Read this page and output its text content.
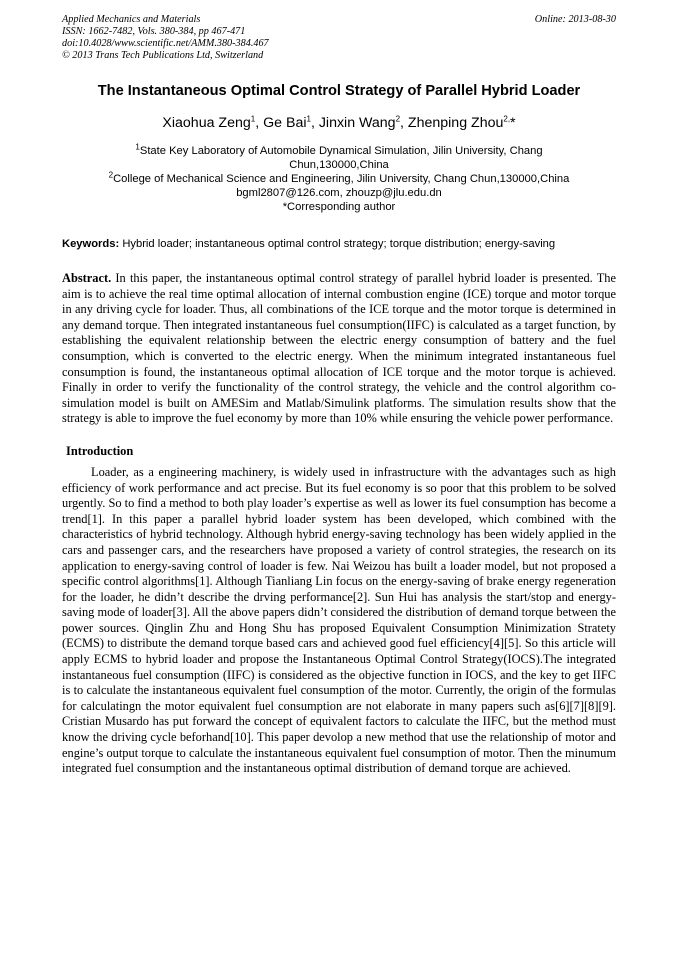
Applied Mechanics and Materials
ISSN: 1662-7482, Vols. 380-384, pp 467-471
doi:10.4028/www.scientific.net/AMM.380-384.467
© 2013 Trans Tech Publications Ltd, Switzerland
Online: 2013-08-30
The Instantaneous Optimal Control Strategy of Parallel Hybrid Loader
Xiaohua Zeng$^1$, Ge Bai$^1$, Jinxin Wang$^2$, Zhenping Zhou$^{2,}$*
$^1$State Key Laboratory of Automobile Dynamical Simulation, Jilin University, Chang Chun,130000,China
$^2$College of Mechanical Science and Engineering, Jilin University, Chang Chun,130000,China
bgml2807@126.com, zhouzp@jlu.edu.dn
*Corresponding author
Keywords: Hybrid loader; instantaneous optimal control strategy; torque distribution; energy-saving
Abstract. In this paper, the instantaneous optimal control strategy of parallel hybrid loader is presented. The aim is to achieve the real time optimal allocation of internal combustion engine (ICE) torque and motor torque in any driving cycle for loader. Thus, all combinations of the ICE torque and the motor torque is determined in any demand torque. Then integrated instantaneous fuel consumption(IIFC) is calculated as a target function, by establishing the equivalent relationship between the electric energy consumption of battery and the fuel consumption, which is converted to the electric energy. When the minimum integrated instantaneous fuel consumption is found, the instantaneous optimal allocation of ICE torque and the motor torque is achieved. Finally in order to verify the functionality of the control strategy, the vehicle and the control algorithm co-simulation model is built on AMESim and Matlab/Simulink platforms. The simulation results show that the strategy is able to improve the fuel economy by more than 10% while ensuring the vehicle power performance.
Introduction
Loader, as a engineering machinery, is widely used in infrastructure with the advantages such as high efficiency of work performance and act precise. But its fuel economy is so poor that this problem to be solved urgently. So to find a method to both play loader’s expertise as well as lower its fuel consumption has become a trend[1]. In this paper a parallel hybrid loader system has been developed, which combined with the characteristics of hybrid technology. Although hybrid energy-saving technology has been widely applied in the cars and passenger cars, and the researchers have proposed a variety of control strategies, the research on its application to energy-saving control of loader is few. Nai Weizou has built a loader model, but not proposed a specific control algorithms[1]. Although Tianliang Lin focus on the energy-saving of brake energy regeneration for the loader, he didn’t describe the drving performance[2]. Sun Hui has analysis the start/stop and energy-saving mode of loader[3]. All the above papers didn’t considered the distribution of demand torque between the power sources. Qinglin Zhu and Hong Shu has proposed Equivalent Consumption Minimization Stratety (ECMS) to distribute the demand torque based cars and achieved good fuel efficiency[4][5]. So this article will apply ECMS to hybrid loader and propose the Instantaneous Optimal Control Strategy(IOCS).The integrated instantaneous fuel consumption (IIFC) is considered as the objective function in IOCS, and the key to get IIFC is to calculate the instantaneous equivalent fuel consumption of the motor. Currently, the origin of the formulas for calculatingn the motor equivalent fuel consumption are not elaborate in many papers such as[6][7][8][9]. Cristian Musardo has put forward the concept of equivalent factors to calculate the IIFC, but the method must know the driving cycle beforhand[10]. This paper devolop a new method that use the relationship of motor and engine’s output torque to calculate the instantaneous equivalent fuel consumption of motor. Then the minumum integrated fuel consumption and the instantaneous optimal distribution of demand torque are achieved.
